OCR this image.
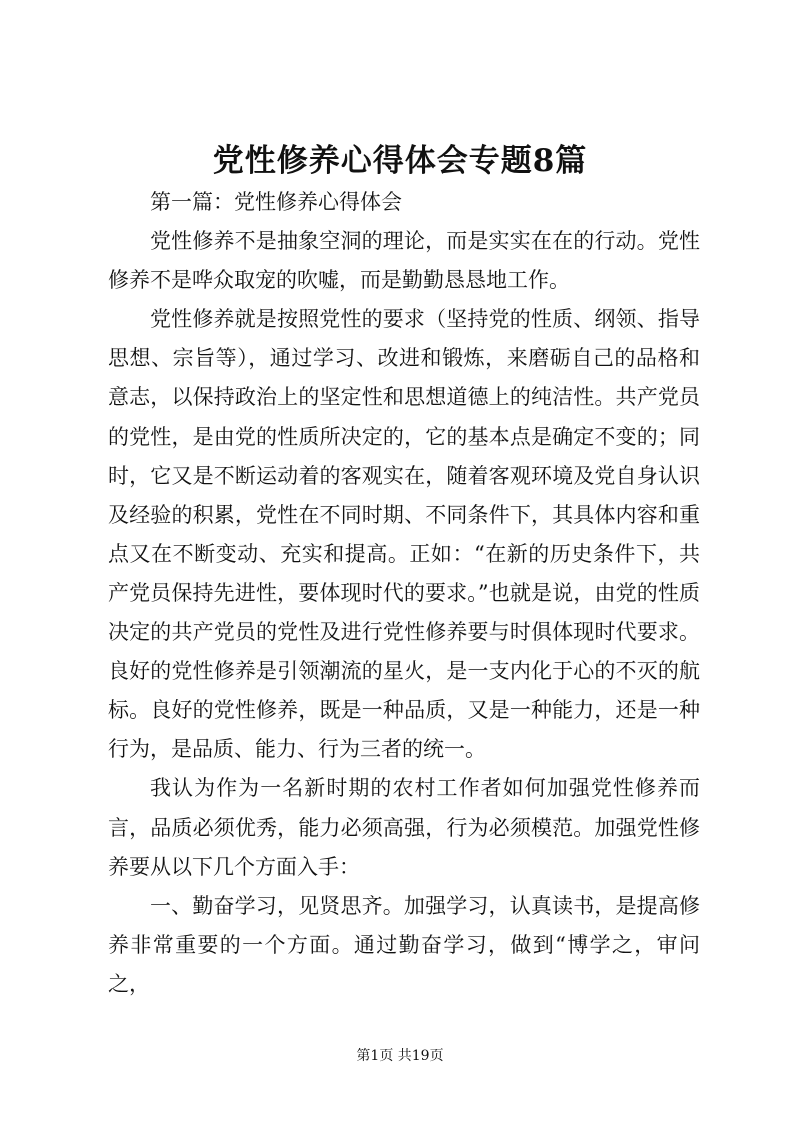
党性修养心得体会专题8篇

第一篇：党性修养心得体会

党性修养不是抽象空洞的理论，而是实实在在的行动。党性修养不是哗众取宠的吹嘘，而是勤勤恳恳地工作。

党性修养就是按照党性的要求（坚持党的性质、纲领、指导思想、宗旨等），通过学习、改进和锻炼，来磨砺自己的品格和意志，以保持政治上的坚定性和思想道德上的纯洁性。共产党员的党性，是由党的性质所决定的，它的基本点是确定不变的；同时，它又是不断运动着的客观实在，随着客观环境及党自身认识及经验的积累，党性在不同时期、不同条件下，其具体内容和重点又在不断变动、充实和提高。正如：“在新的历史条件下，共产党员保持先进性，要体现时代的要求。”也就是说，由党的性质决定的共产党员的党性及进行党性修养要与时俱体现时代要求。良好的党性修养是引领潮流的星火，是一支内化于心的不灭的航标。良好的党性修养，既是一种品质，又是一种能力，还是一种行为，是品质、能力、行为三者的统一。

我认为作为一名新时期的农村工作者如何加强党性修养而言，品质必须优秀，能力必须高强，行为必须模范。加强党性修养要从以下几个方面入手：

一、勤奋学习，见贤思齐。加强学习，认真读书，是提高修养非常重要的一个方面。通过勤奋学习，做到“博学之，审问之，

第1页 共19页
